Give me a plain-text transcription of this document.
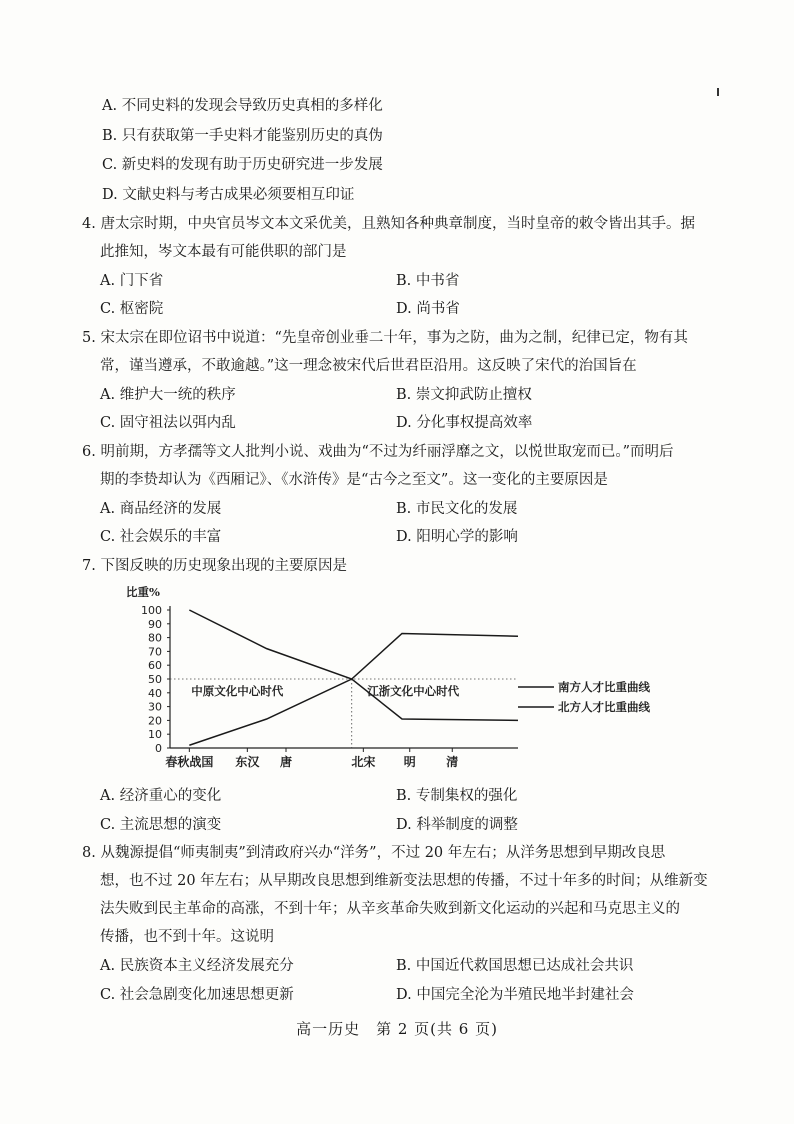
A. 不同史料的发现会导致历史真相的多样化
B. 只有获取第一手史料才能鉴别历史的真伪
C. 新史料的发现有助于历史研究进一步发展
D. 文献史料与考古成果必须要相互印证
4. 唐太宗时期，中央官员岑文本文采优美，且熟知各种典章制度，当时皇帝的敕令皆出其手。据
此推知，岑文本最有可能供职的部门是
A. 门下省	B. 中书省
C. 枢密院	D. 尚书省
5. 宋太宗在即位诏书中说道：“先皇帝创业垂二十年，事为之防，曲为之制，纪律已定，物有其
常，谨当遵承，不敢逾越。”这一理念被宋代后世君臣沿用。这反映了宋代的治国旨在
A. 维护大一统的秩序	B. 崇文抑武防止擅权
C. 固守祖法以弭内乱	D. 分化事权提高效率
6. 明前期，方孝孺等文人批判小说、戏曲为“不过为纤丽浮靡之文，以悦世取宠而已。”而明后
期的李贽却认为《西厢记》、《水浒传》是“古今之至文”。这一变化的主要原因是
A. 商品经济的发展	B. 市民文化的发展
C. 社会娱乐的丰富	D. 阳明心学的影响
7. 下图反映的历史现象出现的主要原因是
比重%
0
10
20
30
40
50
60
70
80
90
100
春秋战国 东汉 唐	北宋 明	清
中原文化中心时代	江浙文化中心时代	南方人才比重曲线
北方人才比重曲线
A. 经济重心的变化	B. 专制集权的强化
C. 主流思想的演变	D. 科举制度的调整
8. 从魏源提倡“师夷制夷”到清政府兴办“洋务”，不过 20 年左右；从洋务思想到早期改良思
想，也不过 20 年左右；从早期改良思想到维新变法思想的传播，不过十年多的时间；从维新变
法失败到民主革命的高涨，不到十年；从辛亥革命失败到新文化运动的兴起和马克思主义的
传播，也不到十年。这说明
A. 民族资本主义经济发展充分	B. 中国近代救国思想已达成社会共识
C. 社会急剧变化加速思想更新	D. 中国完全沦为半殖民地半封建社会
高一历史　第 2 页(共 6 页)
